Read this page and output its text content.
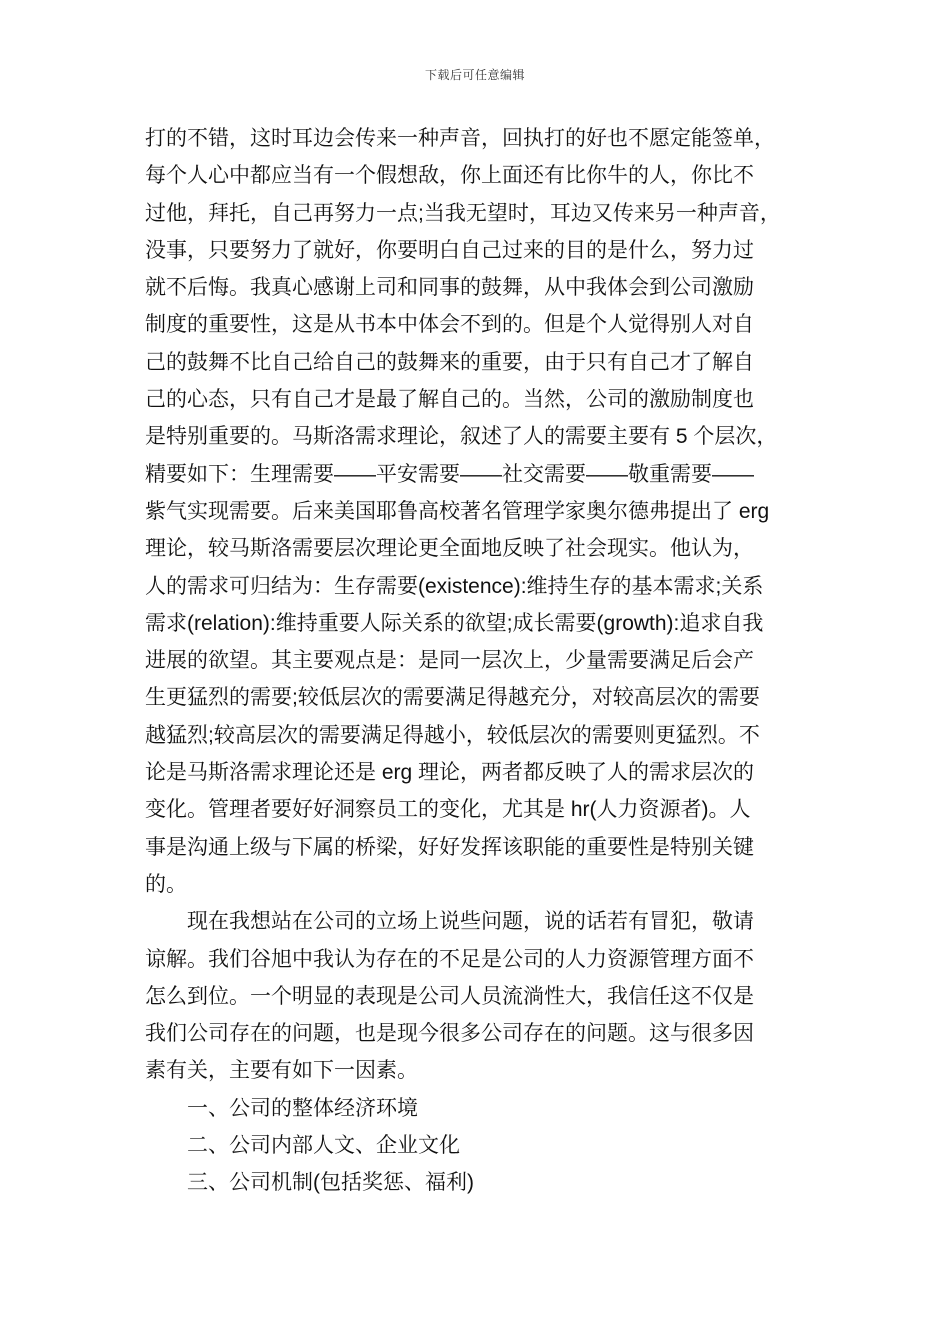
下载后可任意编辑
打的不错，这时耳边会传来一种声音，回执打的好也不愿定能签单，
每个人心中都应当有一个假想敌，你上面还有比你牛的人，你比不
过他，拜托，自己再努力一点;当我无望时，耳边又传来另一种声音，
没事，只要努力了就好，你要明白自己过来的目的是什么，努力过
就不后悔。我真心感谢上司和同事的鼓舞，从中我体会到公司激励
制度的重要性，这是从书本中体会不到的。但是个人觉得别人对自
己的鼓舞不比自己给自己的鼓舞来的重要，由于只有自己才了解自
己的心态，只有自己才是最了解自己的。当然，公司的激励制度也
是特别重要的。马斯洛需求理论，叙述了人的需要主要有 5 个层次，
精要如下：生理需要——平安需要——社交需要——敬重需要——
紫气实现需要。后来美国耶鲁高校著名管理学家奥尔德弗提出了 erg
理论，较马斯洛需要层次理论更全面地反映了社会现实。他认为，
人的需求可归结为：生存需要(existence):维持生存的基本需求;关系
需求(relation):维持重要人际关系的欲望;成长需要(growth):追求自我
进展的欲望。其主要观点是：是同一层次上，少量需要满足后会产
生更猛烈的需要;较低层次的需要满足得越充分，对较高层次的需要
越猛烈;较高层次的需要满足得越小，较低层次的需要则更猛烈。不
论是马斯洛需求理论还是 erg 理论，两者都反映了人的需求层次的
变化。管理者要好好洞察员工的变化，尤其是 hr(人力资源者)。人
事是沟通上级与下属的桥梁，好好发挥该职能的重要性是特别关键
的。
现在我想站在公司的立场上说些问题，说的话若有冒犯，敬请
谅解。我们谷旭中我认为存在的不足是公司的人力资源管理方面不
怎么到位。一个明显的表现是公司人员流淌性大，我信任这不仅是
我们公司存在的问题，也是现今很多公司存在的问题。这与很多因
素有关，主要有如下一因素。
一、公司的整体经济环境
二、公司内部人文、企业文化
三、公司机制(包括奖惩、福利)
